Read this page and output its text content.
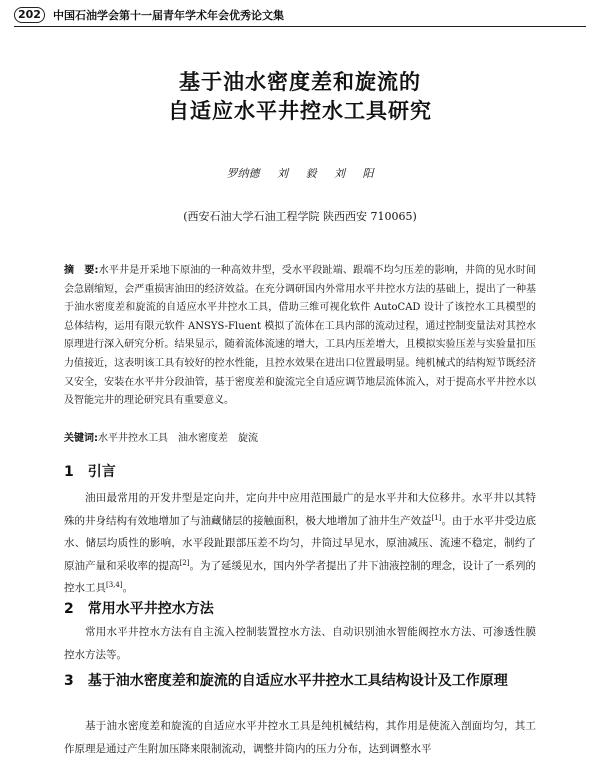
202	中国石油学会第十一届青年学术年会优秀论文集
基于油水密度差和旋流的
自适应水平井控水工具研究
罗纳德 刘 毅 刘 阳
(西安石油大学石油工程学院 陕西西安 710065)
摘　要:水平井是开采地下原油的一种高效井型，受水平段趾端、跟端不均匀压差的影响，井筒的见水时间会急剧缩短，会严重损害油田的经济效益。在充分调研国内外常用水平井控水方法的基础上，提出了一种基于油水密度差和旋流的自适应水平井控水工具，借助三维可视化软件 AutoCAD 设计了该控水工具模型的总体结构，运用有限元软件 ANSYS-Fluent 模拟了流体在工具内部的流动过程，通过控制变量法对其控水原理进行深入研究分析。结果显示，随着流体流速的增大，工具内压差增大，且模拟实验压差与实验量扣压力值接近，这表明该工具有较好的控水性能，且控水效果在进出口位置最明显。纯机械式的结构短节既经济又安全，安装在水平井分段油管，基于密度差和旋流完全自适应调节地层流体流入，对于提高水平井控水以及智能完井的理论研究具有重要意义。
关键词:水平井控水工具　油水密度差　旋流
1　 引言
油田最常用的开发井型是定向井，定向井中应用范围最广的是水平井和大位移井。水平井以其特殊的井身结构有效地增加了与油藏储层的接触面积，极大地增加了油井生产效益[1]。由于水平井受边底水、储层均质性的影响，水平段趾跟部压差不均匀，井筒过早见水，原油减压、流速不稳定，制约了原油产量和采收率的提高[2]。为了延缓见水，国内外学者提出了井下油液控制的理念，设计了一系列的控水工具[3,4]。
2　 常用水平井控水方法
常用水平井控水方法有自主流入控制装置控水方法、自动识别油水智能阀控水方法、可渗透性膜控水方法等。
3　 基于油水密度差和旋流的自适应水平井控水工具结构设计及工作原理
基于油水密度差和旋流的自适应水平井控水工具是纯机械结构，其作用是使流入剖面均匀，其工作原理是通过产生附加压降来限制流动，调整井筒内的压力分布，达到调整水平
